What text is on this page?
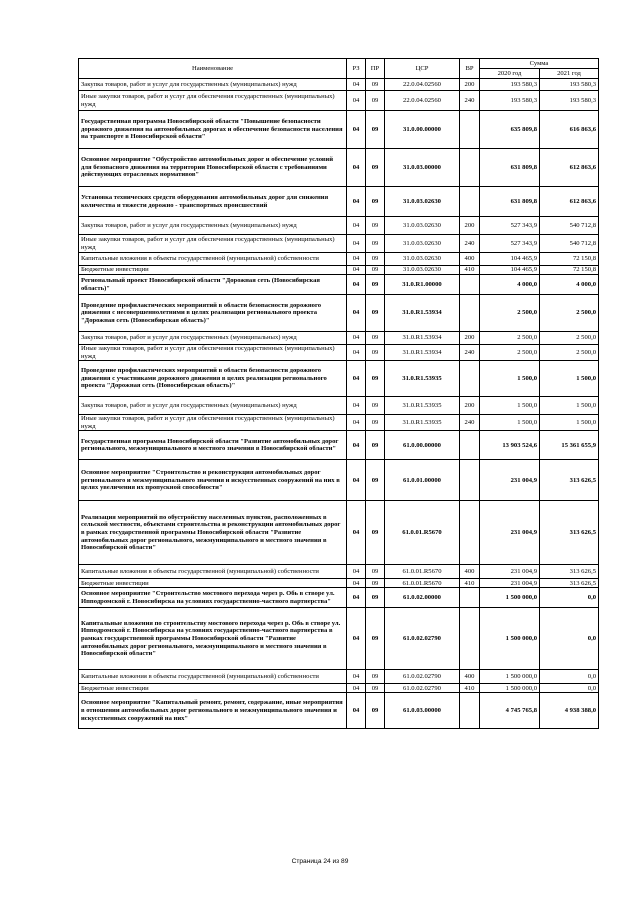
Наименование	РЗ	ПР	ЦСР	ВР	Сумма	
					2020 год	2021 год
Закупка товаров, работ и услуг для государственных (муниципальных) нужд	04	09	22.0.04.02560	200	193 580,3	193 580,3
Иные закупки товаров, работ и услуг для обеспечения государственных (муниципальных) нужд	04	09	22.0.04.02560	240	193 580,3	193 580,3
Государственная программа Новосибирской области "Повышение безопасности дорожного движения на автомобильных дорогах и обеспечение безопасности населения на транспорте в Новосибирской области"	04	09	31.0.00.00000		635 809,8	616 863,6
Основное мероприятие "Обустройство автомобильных дорог и обеспечение условий для безопасного движения на территории Новосибирской области с требованиями действующих отраслевых нормативов"	04	09	31.0.03.00000		631 809,8	612 863,6
Установка технических средств оборудования автомобильных дорог для снижения количества и тяжести дорожно - транспортных происшествий	04	09	31.0.03.02630		631 809,8	612 863,6
Закупка товаров, работ и услуг для государственных (муниципальных) нужд	04	09	31.0.03.02630	200	527 343,9	540 712,8
Иные закупки товаров, работ и услуг для обеспечения государственных (муниципальных) нужд	04	09	31.0.03.02630	240	527 343,9	540 712,8
Капитальные вложения в объекты государственной (муниципальной) собственности	04	09	31.0.03.02630	400	104 465,9	72 150,8
Бюджетные инвестиции	04	09	31.0.03.02630	410	104 465,9	72 150,8
Региональный проект Новосибирской области "Дорожная сеть (Новосибирская область)"	04	09	31.0.R1.00000		4 000,0	4 000,0
Проведение профилактических мероприятий в области безопасности дорожного движения с несовершеннолетними в целях реализации регионального проекта "Дорожная сеть (Новосибирская область)"	04	09	31.0.R1.53934		2 500,0	2 500,0
Закупка товаров, работ и услуг для государственных (муниципальных) нужд	04	09	31.0.R1.53934	200	2 500,0	2 500,0
Иные закупки товаров, работ и услуг для обеспечения государственных (муниципальных) нужд	04	09	31.0.R1.53934	240	2 500,0	2 500,0
Проведение профилактических мероприятий в области безопасности дорожного движения с участниками дорожного движения в целях реализации регионального проекта "Дорожная сеть (Новосибирская область)"	04	09	31.0.R1.53935		1 500,0	1 500,0
Закупка товаров, работ и услуг для государственных (муниципальных) нужд	04	09	31.0.R1.53935	200	1 500,0	1 500,0
Иные закупки товаров, работ и услуг для обеспечения государственных (муниципальных) нужд	04	09	31.0.R1.53935	240	1 500,0	1 500,0
Государственная программа Новосибирской области "Развитие автомобильных дорог регионального, межмуниципального и местного значения в Новосибирской области"	04	09	61.0.00.00000		13 903 524,6	15 361 655,9
Основное мероприятие "Строительство и реконструкция автомобильных дорог регионального и межмуниципального значения и искусственных сооружений на них в целях увеличения их пропускной способности"	04	09	61.0.01.00000		231 004,9	313 626,5
Реализация мероприятий по обустройству населенных пунктов, расположенных в сельской местности, объектами строительства и реконструкции автомобильных дорог в рамках государственной программы Новосибирской области "Развитие автомобильных дорог регионального, межмуниципального и местного значения в Новосибирской области"	04	09	61.0.01.R5670		231 004,9	313 626,5
Капитальные вложения в объекты государственной (муниципальной) собственности	04	09	61.0.01.R5670	400	231 004,9	313 626,5
Бюджетные инвестиции	04	09	61.0.01.R5670	410	231 004,9	313 626,5
Основное мероприятие "Строительство мостового перехода через р. Обь в створе ул. Ипподромской г. Новосибирска на условиях государственно-частного партнерства"	04	09	61.0.02.00000		1 500 000,0	0,0
Капитальные вложения по строительству мостового перехода через р. Обь в створе ул. Ипподромской г. Новосибирска на условиях государственно-частного партнерства в рамках государственной программы Новосибирской области "Развитие автомобильных дорог регионального, межмуниципального и местного значения в Новосибирской области"	04	09	61.0.02.02790		1 500 000,0	0,0
Капитальные вложения в объекты государственной (муниципальной) собственности	04	09	61.0.02.02790	400	1 500 000,0	0,0
Бюджетные инвестиции	04	09	61.0.02.02790	410	1 500 000,0	0,0
Основное мероприятие "Капитальный ремонт, ремонт, содержание, иные мероприятия в отношении автомобильных дорог регионального и межмуниципального значения и искусственных сооружений на них"	04	09	61.0.03.00000		4 745 765,8	4 938 388,0
Страница 24 из 89
